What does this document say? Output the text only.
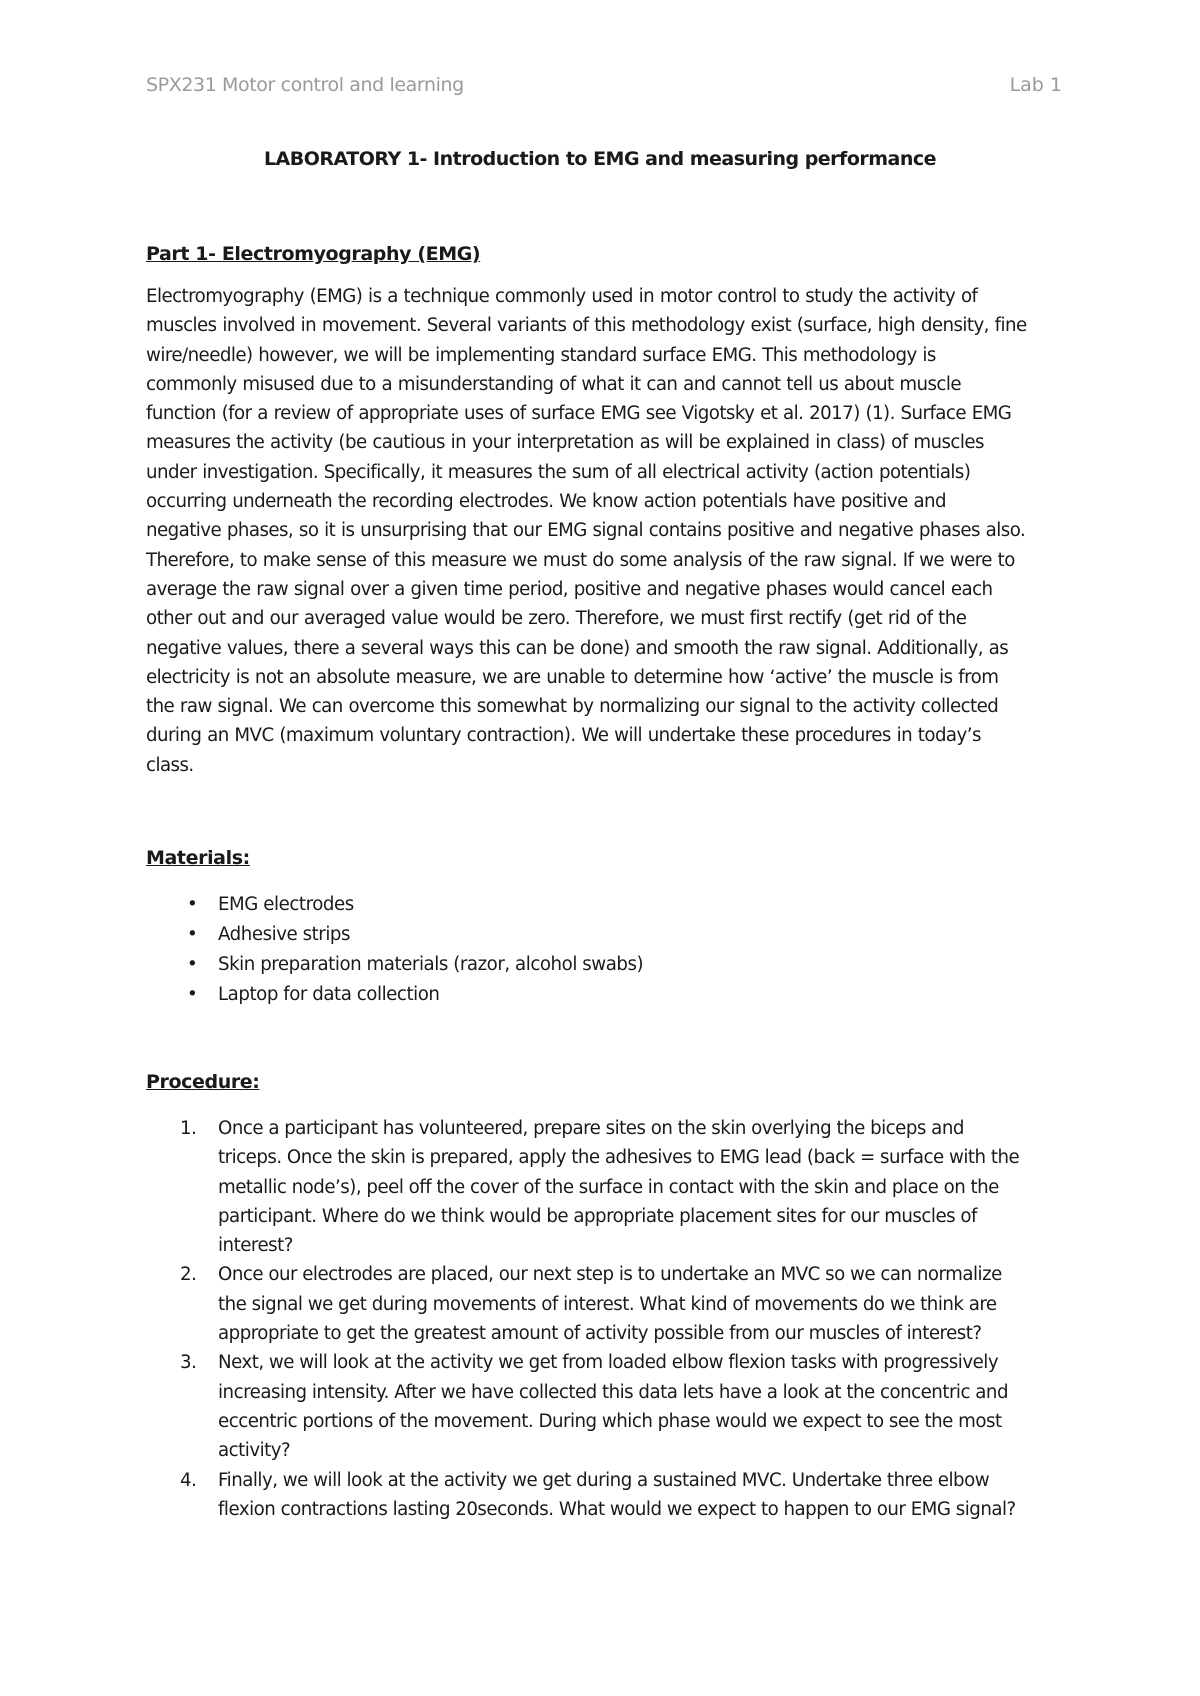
SPX231 Motor control and learning	Lab 1
LABORATORY 1- Introduction to EMG and measuring performance
Part 1- Electromyography (EMG)
Electromyography (EMG) is a technique commonly used in motor control to study the activity of
muscles involved in movement. Several variants of this methodology exist (surface, high density, fine
wire/needle) however, we will be implementing standard surface EMG. This methodology is
commonly misused due to a misunderstanding of what it can and cannot tell us about muscle
function (for a review of appropriate uses of surface EMG see Vigotsky et al. 2017) (1). Surface EMG
measures the activity (be cautious in your interpretation as will be explained in class) of muscles
under investigation. Specifically, it measures the sum of all electrical activity (action potentials)
occurring underneath the recording electrodes. We know action potentials have positive and
negative phases, so it is unsurprising that our EMG signal contains positive and negative phases also.
Therefore, to make sense of this measure we must do some analysis of the raw signal. If we were to
average the raw signal over a given time period, positive and negative phases would cancel each
other out and our averaged value would be zero. Therefore, we must first rectify (get rid of the
negative values, there a several ways this can be done) and smooth the raw signal. Additionally, as
electricity is not an absolute measure, we are unable to determine how ‘active’ the muscle is from
the raw signal. We can overcome this somewhat by normalizing our signal to the activity collected
during an MVC (maximum voluntary contraction). We will undertake these procedures in today’s
class.
Materials:
• EMG electrodes
• Adhesive strips
• Skin preparation materials (razor, alcohol swabs)
• Laptop for data collection
Procedure:
1. Once a participant has volunteered, prepare sites on the skin overlying the biceps and
triceps. Once the skin is prepared, apply the adhesives to EMG lead (back = surface with the
metallic node’s), peel off the cover of the surface in contact with the skin and place on the
participant. Where do we think would be appropriate placement sites for our muscles of
interest?
2. Once our electrodes are placed, our next step is to undertake an MVC so we can normalize
the signal we get during movements of interest. What kind of movements do we think are
appropriate to get the greatest amount of activity possible from our muscles of interest?
3. Next, we will look at the activity we get from loaded elbow flexion tasks with progressively
increasing intensity. After we have collected this data lets have a look at the concentric and
eccentric portions of the movement. During which phase would we expect to see the most
activity?
4. Finally, we will look at the activity we get during a sustained MVC. Undertake three elbow
flexion contractions lasting 20seconds. What would we expect to happen to our EMG signal?
